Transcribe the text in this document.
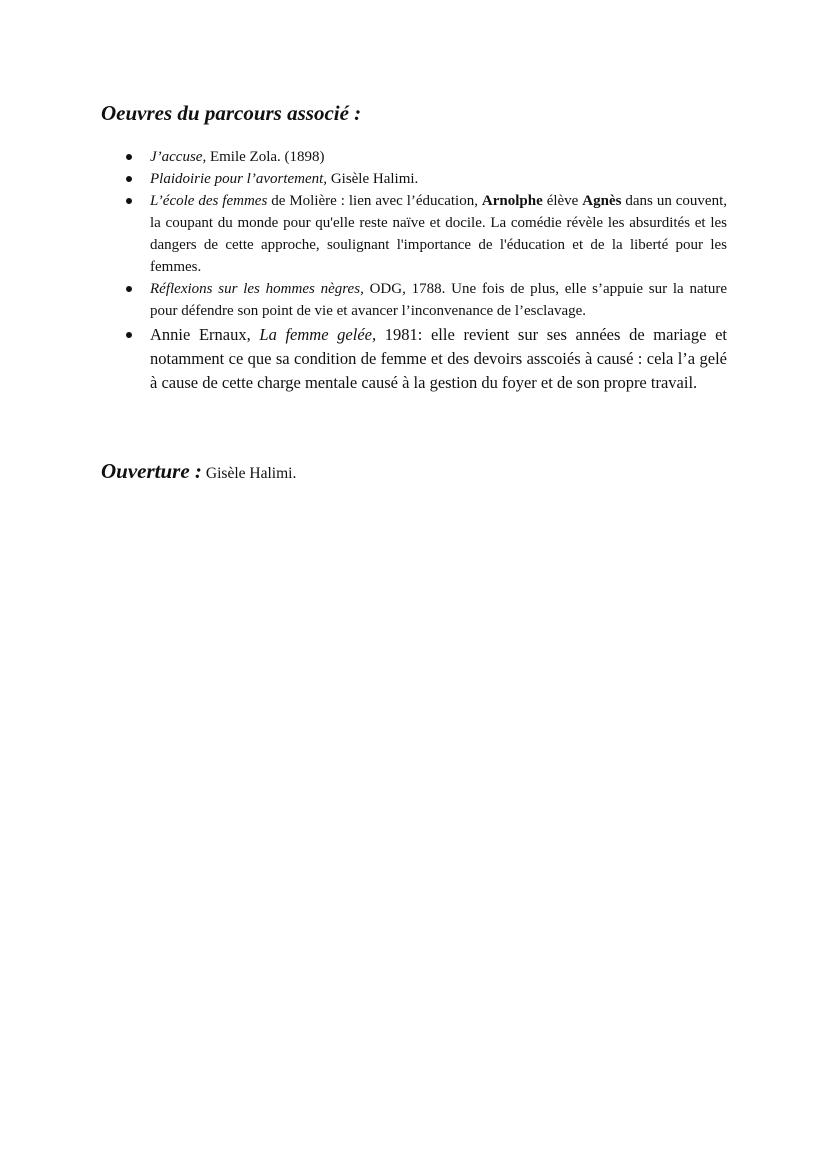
Oeuvres du parcours associé :
J’accuse, Emile Zola. (1898)
Plaidoirie pour l’avortement, Gisèle Halimi.
L’école des femmes de Molière : lien avec l’éducation, Arnolphe élève Agnès dans un couvent, la coupant du monde pour qu'elle reste naïve et docile. La comédie révèle les absurdités et les dangers de cette approche, soulignant l'importance de l'éducation et de la liberté pour les femmes.
Réflexions sur les hommes nègres, ODG, 1788. Une fois de plus, elle s’appuie sur la nature pour défendre son point de vie et avancer l’inconvenance de l’esclavage.
Annie Ernaux, La femme gelée, 1981: elle revient sur ses années de mariage et notamment ce que sa condition de femme et des devoirs asscoiés à causé : cela l’a gelé à cause de cette charge mentale causé à la gestion du foyer et de son propre travail.

Ouverture : Gisèle Halimi.
